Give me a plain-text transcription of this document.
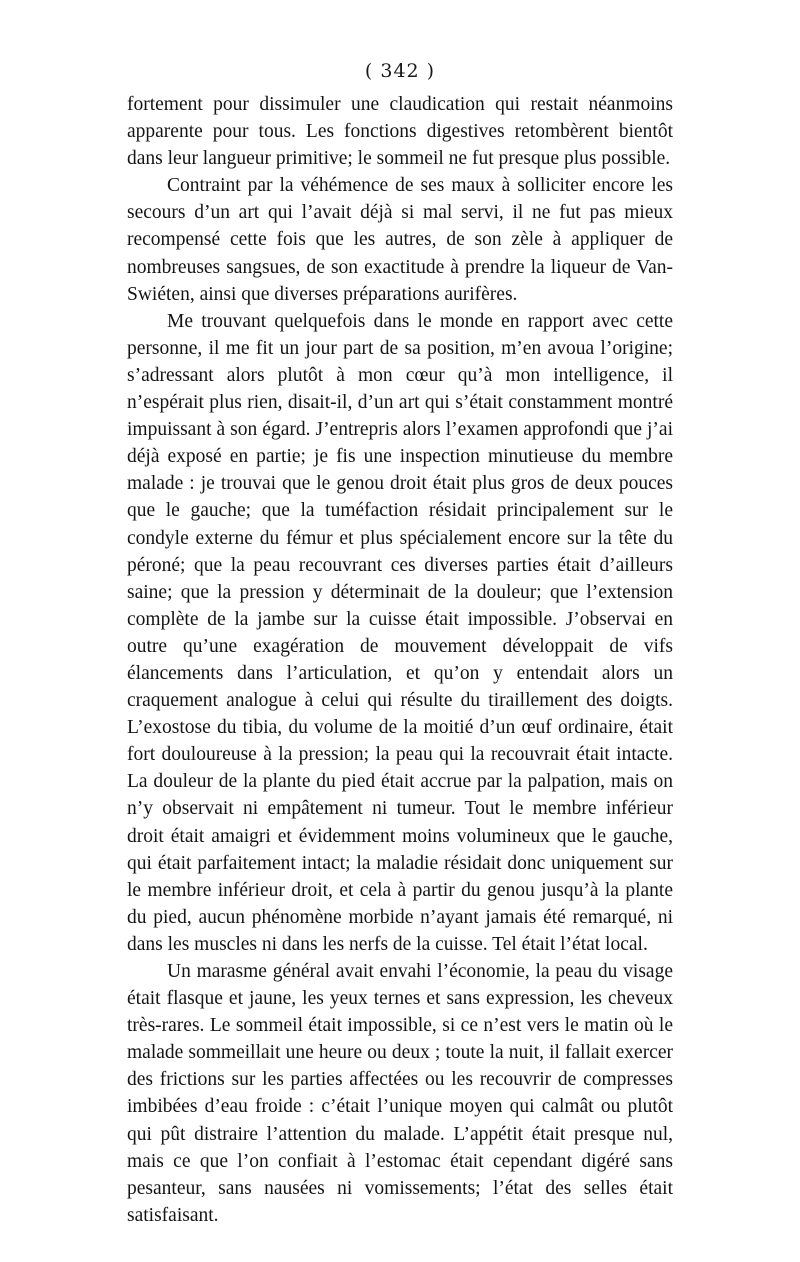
( 342 )

fortement pour dissimuler une claudication qui restait néanmoins apparente pour tous. Les fonctions digestives retombèrent bientôt dans leur langueur primitive; le sommeil ne fut presque plus possible.

Contraint par la véhémence de ses maux à solliciter encore les secours d’un art qui l’avait déjà si mal servi, il ne fut pas mieux recompensé cette fois que les autres, de son zèle à appliquer de nombreuses sangsues, de son exactitude à prendre la liqueur de Van-Swiéten, ainsi que diverses préparations aurifères.

Me trouvant quelquefois dans le monde en rapport avec cette personne, il me fit un jour part de sa position, m’en avoua l’origine; s’adressant alors plutôt à mon cœur qu’à mon intelligence, il n’espérait plus rien, disait-il, d’un art qui s’était constamment montré impuissant à son égard. J’entrepris alors l’examen approfondi que j’ai déjà exposé en partie; je fis une inspection minutieuse du membre malade : je trouvai que le genou droit était plus gros de deux pouces que le gauche; que la tuméfaction résidait principalement sur le condyle externe du fémur et plus spécialement encore sur la tête du péroné; que la peau recouvrant ces diverses parties était d’ailleurs saine; que la pression y déterminait de la douleur; que l’extension complète de la jambe sur la cuisse était impossible. J’observai en outre qu’une exagération de mouvement développait de vifs élancements dans l’articulation, et qu’on y entendait alors un craquement analogue à celui qui résulte du tiraillement des doigts. L’exostose du tibia, du volume de la moitié d’un œuf ordinaire, était fort douloureuse à la pression; la peau qui la recouvrait était intacte. La douleur de la plante du pied était accrue par la palpation, mais on n’y observait ni empâtement ni tumeur. Tout le membre inférieur droit était amaigri et évidemment moins volumineux que le gauche, qui était parfaitement intact; la maladie résidait donc uniquement sur le membre inférieur droit, et cela à partir du genou jusqu’à la plante du pied, aucun phénomène morbide n’ayant jamais été remarqué, ni dans les muscles ni dans les nerfs de la cuisse. Tel était l’état local.

Un marasme général avait envahi l’économie, la peau du visage était flasque et jaune, les yeux ternes et sans expression, les cheveux très-rares. Le sommeil était impossible, si ce n’est vers le matin où le malade sommeillait une heure ou deux ; toute la nuit, il fallait exercer des frictions sur les parties affectées ou les recouvrir de compresses imbibées d’eau froide : c’était l’unique moyen qui calmât ou plutôt qui pût distraire l’attention du malade. L’appétit était presque nul, mais ce que l’on confiait à l’estomac était cependant digéré sans pesanteur, sans nausées ni vomissements; l’état des selles était satisfaisant.
